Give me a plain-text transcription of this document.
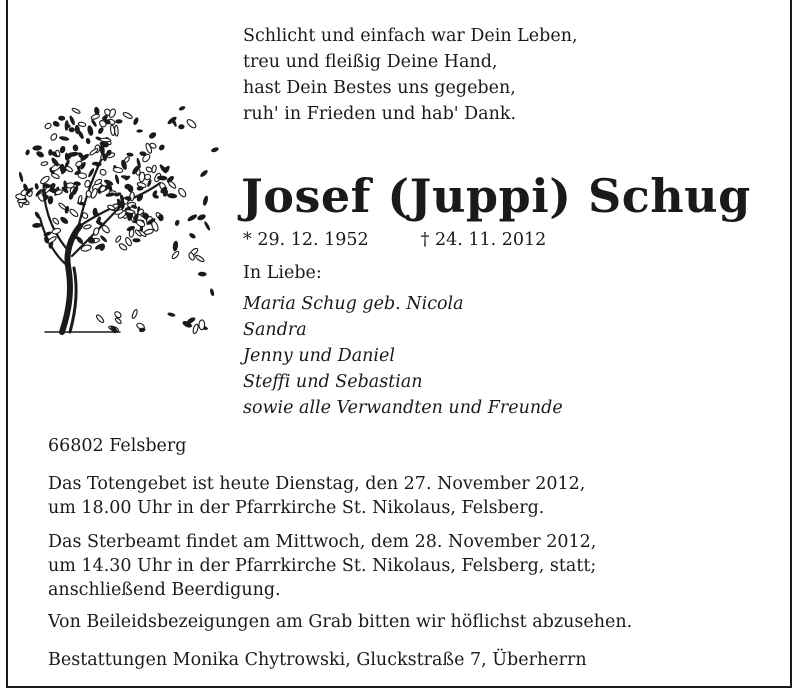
Schlicht und einfach war Dein Leben,
treu und fleißig Deine Hand,
hast Dein Bestes uns gegeben,
ruh' in Frieden und hab' Dank.
Josef (Juppi) Schug
* 29. 12. 1952	† 24. 11. 2012
In Liebe:
Maria Schug geb. Nicola
Sandra
Jenny und Daniel
Steffi und Sebastian
sowie alle Verwandten und Freunde
66802 Felsberg
Das Totengebet ist heute Dienstag, den 27. November 2012,
um 18.00 Uhr in der Pfarrkirche St. Nikolaus, Felsberg.
Das Sterbeamt findet am Mittwoch, dem 28. November 2012,
um 14.30 Uhr in der Pfarrkirche St. Nikolaus, Felsberg, statt;
anschließend Beerdigung.
Von Beileidsbezeigungen am Grab bitten wir höflichst abzusehen.
Bestattungen Monika Chytrowski, Gluckstraße 7, Überherrn
